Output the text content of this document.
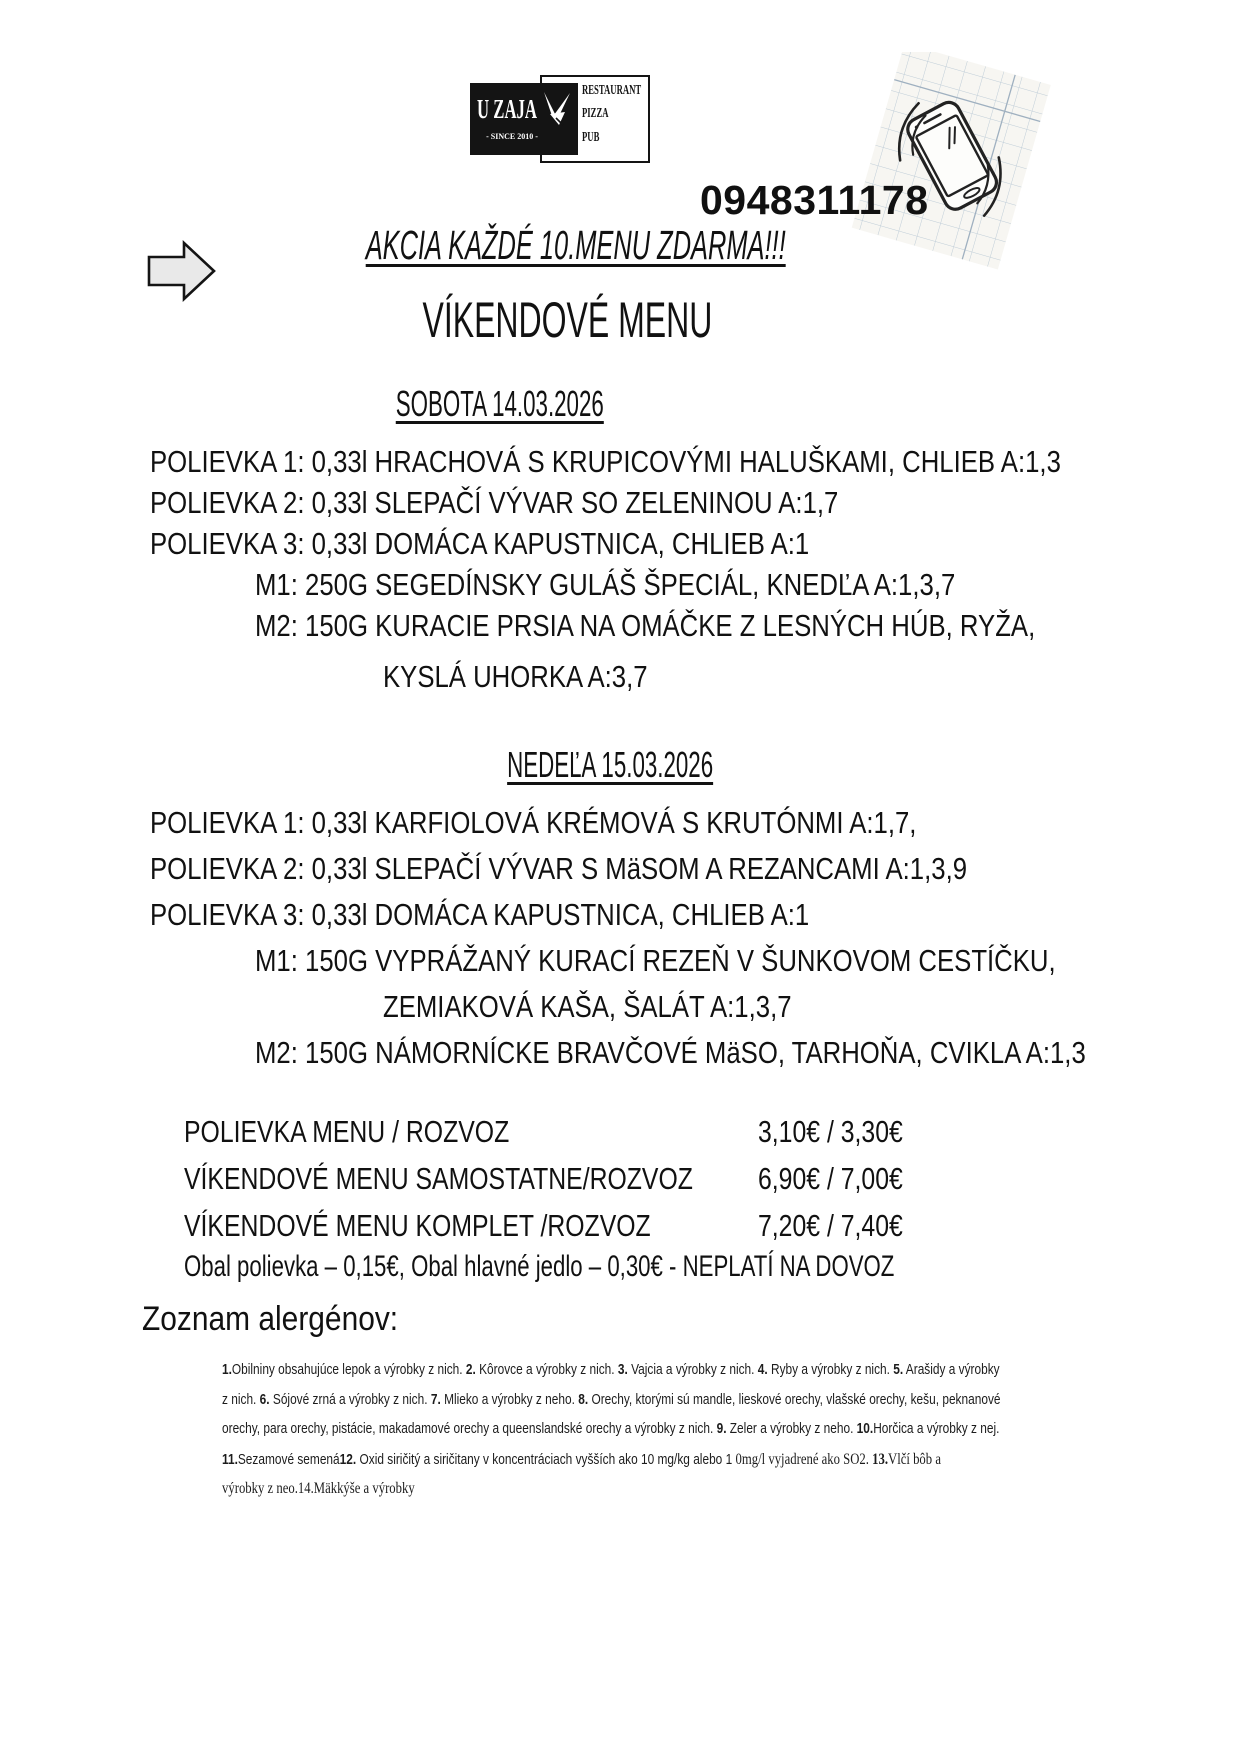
RESTAURANT
PIZZA
PUB
U ZAJA
- SINCE 2010 -
0948311178
AKCIA KAŽDÉ 10.MENU ZDARMA!!!
VÍKENDOVÉ MENU
SOBOTA 14.03.2026
POLIEVKA 1: 0,33l HRACHOVÁ S KRUPICOVÝMI HALUŠKAMI, CHLIEB A:1,3
POLIEVKA 2: 0,33l SLEPAČÍ VÝVAR SO ZELENINOU A:1,7
POLIEVKA 3: 0,33l DOMÁCA KAPUSTNICA, CHLIEB A:1
M1: 250G SEGEDÍNSKY GULÁŠ ŠPECIÁL, KNEDĽA A:1,3,7
M2: 150G KURACIE PRSIA NA OMÁČKE Z LESNÝCH HÚB, RYŽA,
KYSLÁ UHORKA A:3,7
NEDEĽA 15.03.2026
POLIEVKA 1: 0,33l KARFIOLOVÁ KRÉMOVÁ S KRUTÓNMI A:1,7,
POLIEVKA 2: 0,33l SLEPAČÍ VÝVAR S MäSOM A REZANCAMI A:1,3,9
POLIEVKA 3: 0,33l DOMÁCA KAPUSTNICA, CHLIEB A:1
M1: 150G VYPRÁŽANÝ KURACÍ REZEŇ V ŠUNKOVOM CESTÍČKU,
ZEMIAKOVÁ KAŠA, ŠALÁT A:1,3,7
M2: 150G NÁMORNÍCKE BRAVČOVÉ MäSO, TARHOŇA, CVIKLA A:1,3
POLIEVKA MENU / ROZVOZ	3,10€ / 3,30€
VÍKENDOVÉ MENU SAMOSTATNE/ROZVOZ	6,90€ / 7,00€
VÍKENDOVÉ MENU KOMPLET /ROZVOZ	7,20€ / 7,40€
Obal polievka – 0,15€, Obal hlavné jedlo – 0,30€ - NEPLATÍ NA DOVOZ
Zoznam alergénov:
1.Obilniny obsahujúce lepok a výrobky z nich. 2. Kôrovce a výrobky z nich. 3. Vajcia a výrobky z nich. 4. Ryby a výrobky z nich. 5. Arašidy a výrobky
z nich. 6. Sójové zrná a výrobky z nich. 7. Mlieko a výrobky z neho. 8. Orechy, ktorými sú mandle, lieskové orechy, vlašské orechy, kešu, peknanové
orechy, para orechy, pistácie, makadamové orechy a queenslandské orechy a výrobky z nich. 9. Zeler a výrobky z neho. 10.Horčica a výrobky z nej.
11.Sezamové semená12. Oxid siričitý a siričitany v koncentráciach vyšších ako 10 mg/kg alebo 1 0mg/l vyjadrené ako SO2. 13.Vlčí bôb a
výrobky z neo.14.Mäkkýše a výrobky
